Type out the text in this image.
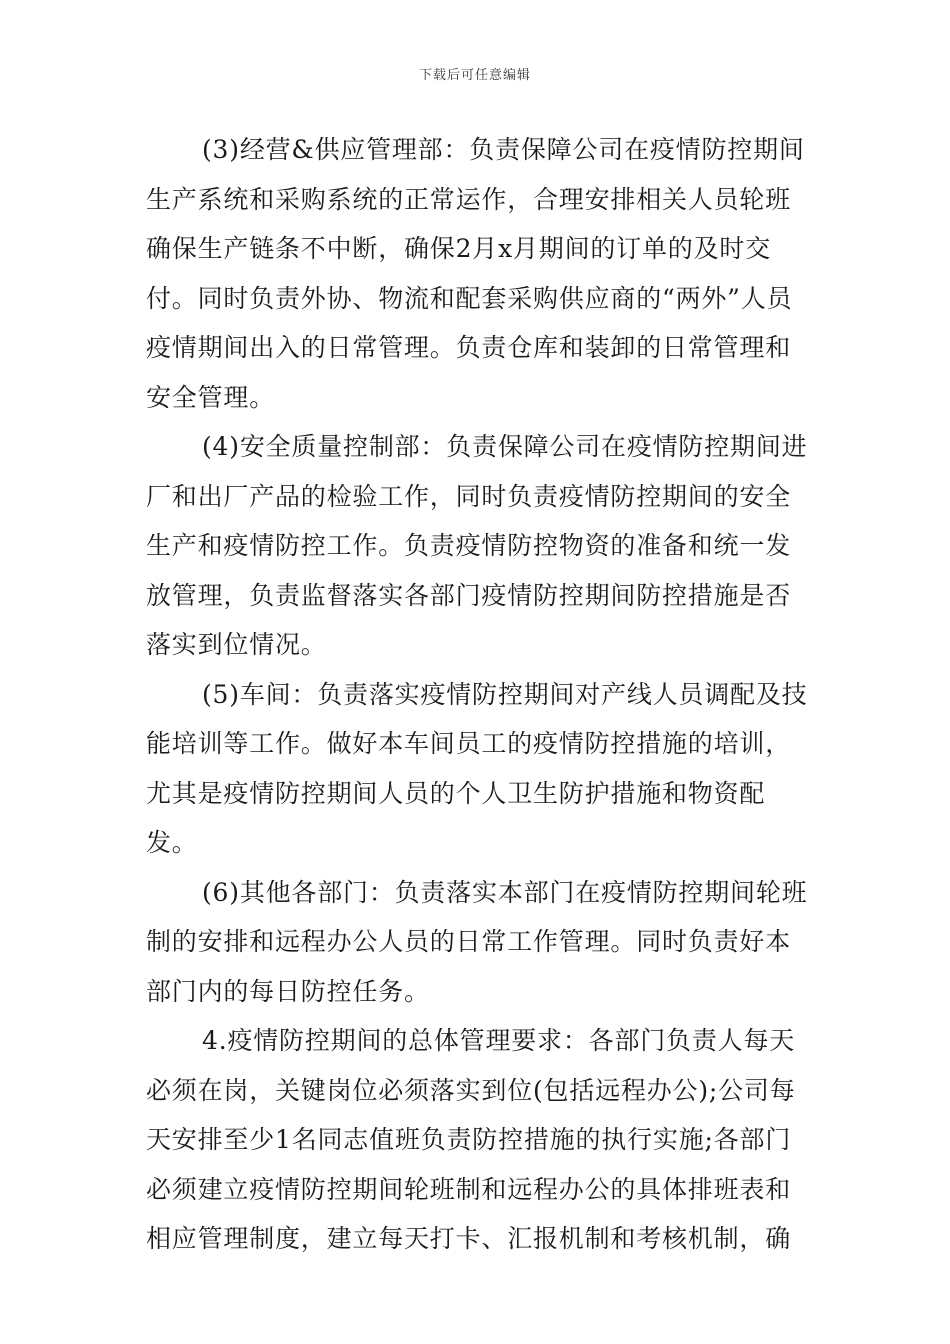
下载后可任意编辑

(3)经营&供应管理部：负责保障公司在疫情防控期间生产系统和采购系统的正常运作，合理安排相关人员轮班确保生产链条不中断，确保2月x月期间的订单的及时交付。同时负责外协、物流和配套采购供应商的“两外”人员疫情期间出入的日常管理。负责仓库和装卸的日常管理和安全管理。

(4)安全质量控制部：负责保障公司在疫情防控期间进厂和出厂产品的检验工作，同时负责疫情防控期间的安全生产和疫情防控工作。负责疫情防控物资的准备和统一发放管理，负责监督落实各部门疫情防控期间防控措施是否落实到位情况。

(5)车间：负责落实疫情防控期间对产线人员调配及技能培训等工作。做好本车间员工的疫情防控措施的培训，尤其是疫情防控期间人员的个人卫生防护措施和物资配发。

(6)其他各部门：负责落实本部门在疫情防控期间轮班制的安排和远程办公人员的日常工作管理。同时负责好本部门内的每日防控任务。

4.疫情防控期间的总体管理要求：各部门负责人每天必须在岗，关键岗位必须落实到位(包括远程办公);公司每天安排至少1名同志值班负责防控措施的执行实施;各部门必须建立疫情防控期间轮班制和远程办公的具体排班表和相应管理制度，建立每天打卡、汇报机制和考核机制，确
